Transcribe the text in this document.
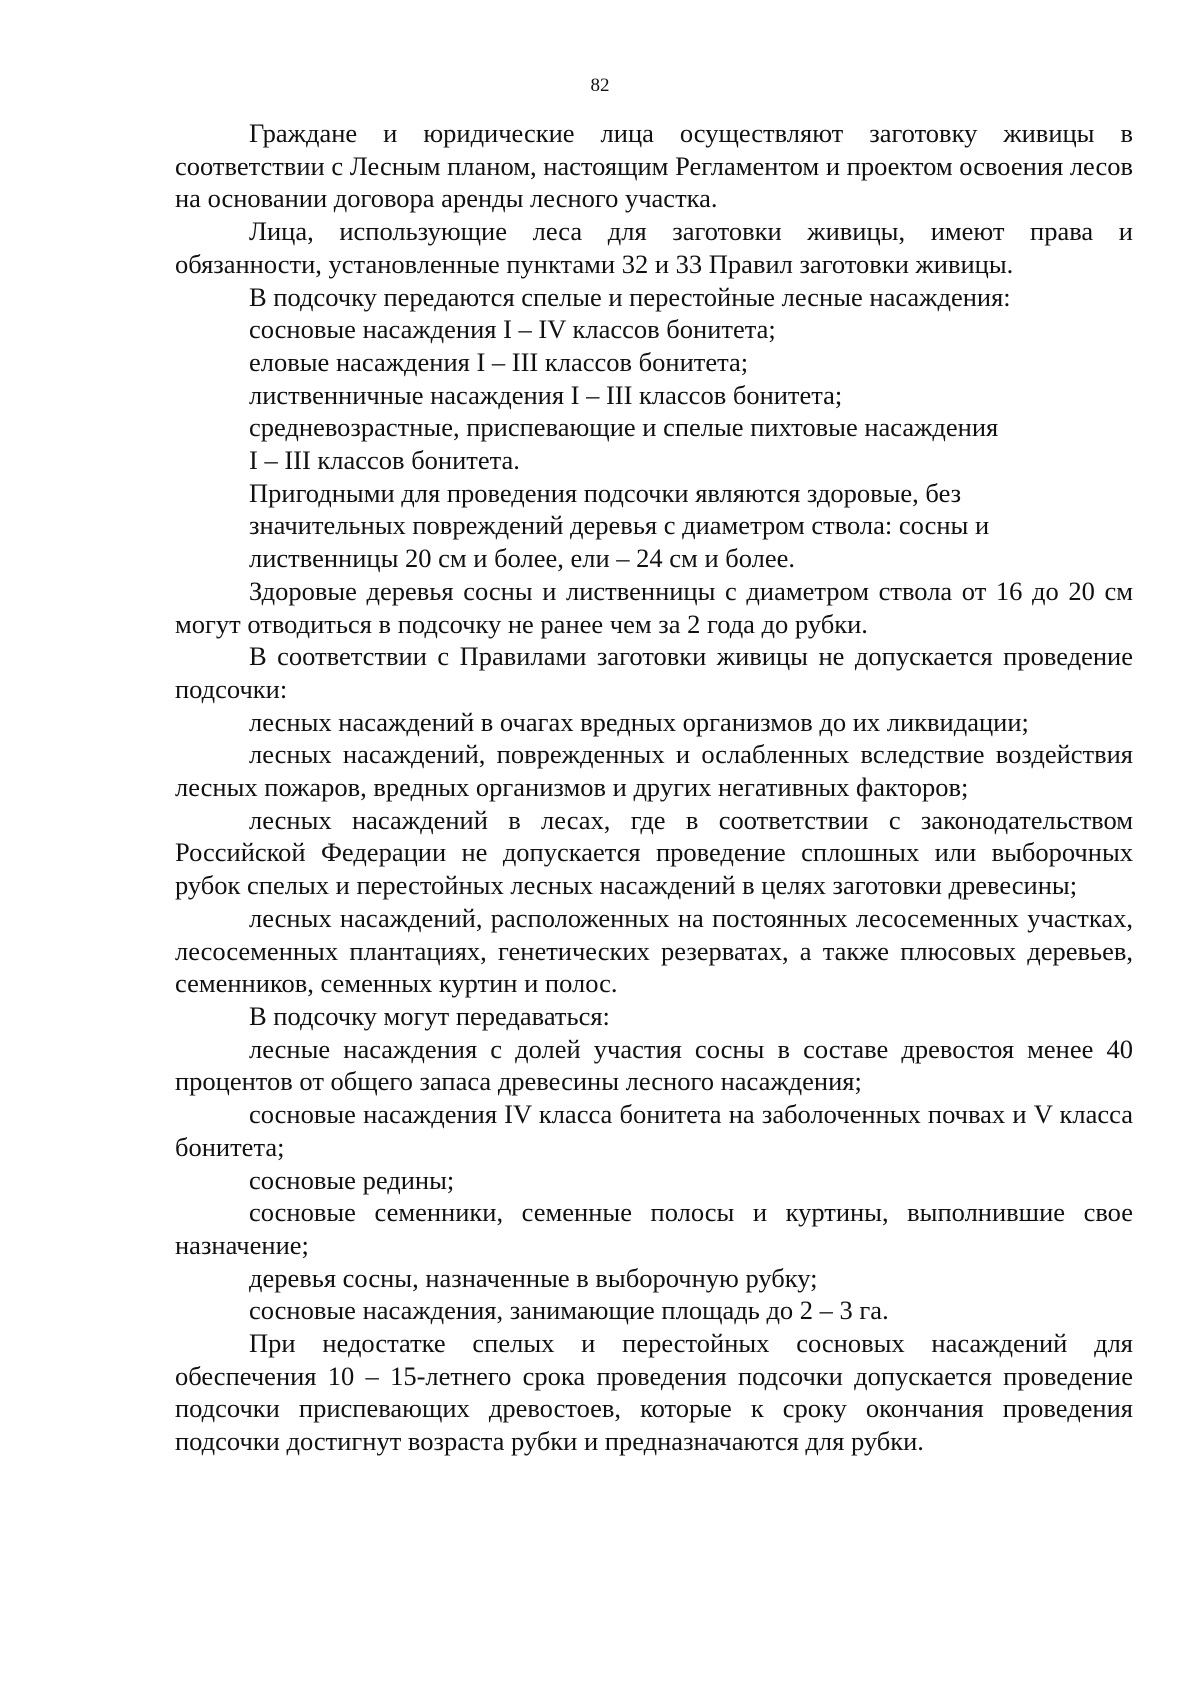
82

Граждане и юридические лица осуществляют заготовку живицы в соответствии с Лесным планом, настоящим Регламентом и проектом освоения лесов на основании договора аренды лесного участка.

Лица, использующие леса для заготовки живицы, имеют права и обязанности, установленные пунктами 32 и 33 Правил заготовки живицы.

В подсочку передаются спелые и перестойные лесные насаждения:

сосновые насаждения I – IV классов бонитета;

еловые насаждения I – III классов бонитета;

лиственничные насаждения I – III классов бонитета;

средневозрастные, приспевающие и спелые пихтовые насаждения

I – III классов бонитета.

Пригодными для проведения подсочки являются здоровые, без

значительных повреждений деревья с диаметром ствола: сосны и

лиственницы 20 см и более, ели – 24 см и более.

Здоровые деревья сосны и лиственницы с диаметром ствола от 16 до 20 см могут отводиться в подсочку не ранее чем за 2 года до рубки.

В соответствии с Правилами заготовки живицы не допускается проведение подсочки:

лесных насаждений в очагах вредных организмов до их ликвидации;

лесных насаждений, поврежденных и ослабленных вследствие воздействия лесных пожаров, вредных организмов и других негативных факторов;

лесных насаждений в лесах, где в соответствии с законодательством Российской Федерации не допускается проведение сплошных или выборочных рубок спелых и перестойных лесных насаждений в целях заготовки древесины;

лесных насаждений, расположенных на постоянных лесосеменных участках, лесосеменных плантациях, генетических резерватах, а также плюсовых деревьев, семенников, семенных куртин и полос.

В подсочку могут передаваться:

лесные насаждения с долей участия сосны в составе древостоя менее 40 процентов от общего запаса древесины лесного насаждения;

сосновые насаждения IV класса бонитета на заболоченных почвах и V класса бонитета;

сосновые редины;

сосновые семенники, семенные полосы и куртины, выполнившие свое назначение;

деревья сосны, назначенные в выборочную рубку;

сосновые насаждения, занимающие площадь до 2 – 3 га.

При недостатке спелых и перестойных сосновых насаждений для обеспечения 10 – 15-летнего срока проведения подсочки допускается проведение подсочки приспевающих древостоев, которые к сроку окончания проведения подсочки достигнут возраста рубки и предназначаются для рубки.
